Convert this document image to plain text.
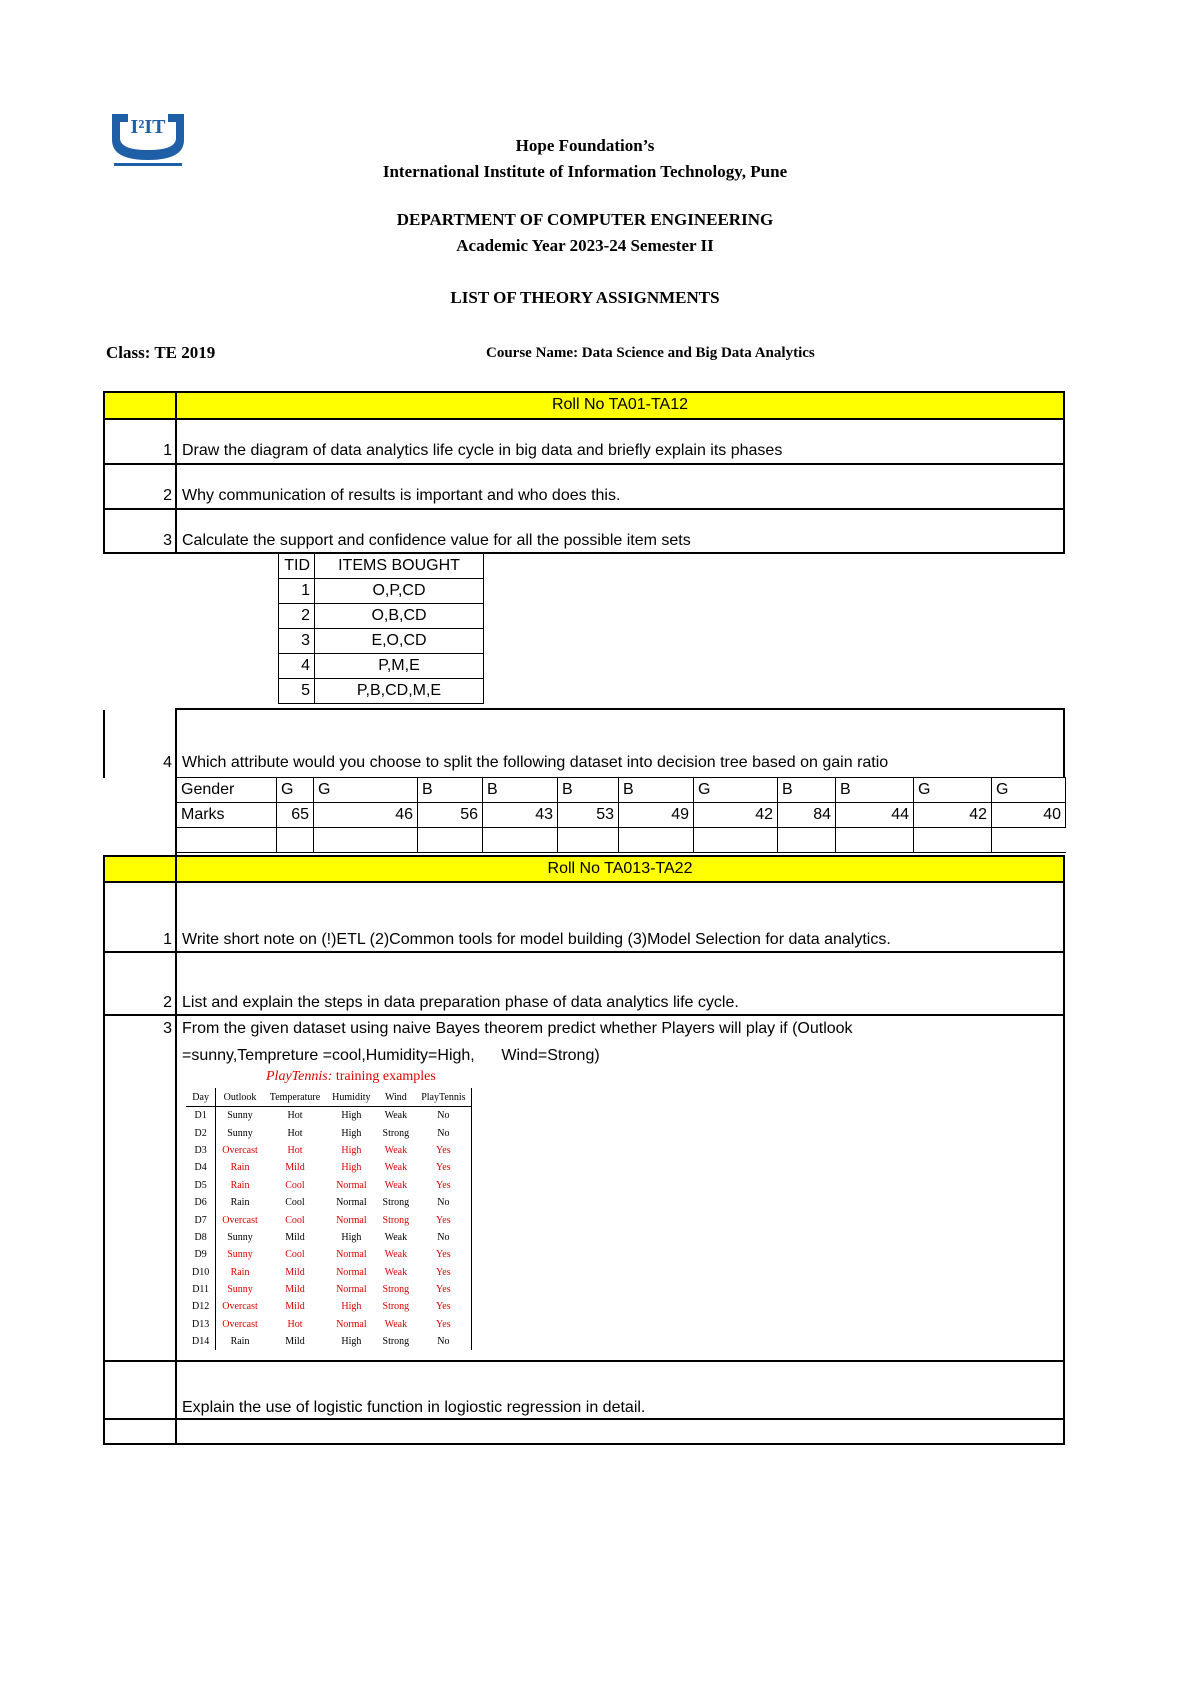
I²IT
Hope Foundation’s
International Institute of Information Technology, Pune
DEPARTMENT OF COMPUTER ENGINEERING
Academic Year 2023-24 Semester II
LIST OF THEORY ASSIGNMENTS
Class: TE 2019	Course Name: Data Science and Big Data Analytics
Roll No TA01-TA12
1 Draw the diagram of data analytics life cycle in big data and briefly explain its phases
2 Why communication of results is important and who does this.
3 Calculate the support and confidence value for all the possible item sets
TID	ITEMS BOUGHT
1	O,P,CD
2	O,B,CD
3	E,O,CD
4	P,M,E
5	P,B,CD,M,E
4 Which attribute would you choose to split the following dataset into decision tree based on gain ratio
Gender	G	G	B	B	B	B	G	B	B	G	G
Marks	65	46	56	43	53	49	42	84	44	42	40

Roll No TA013-TA22
1 Write short note on (!)ETL (2)Common tools for model building (3)Model Selection for data analytics.
2 List and explain the steps in data preparation phase of data analytics life cycle.
3 From the given dataset using naive Bayes theorem predict whether Players will play if (Outlook
=sunny,Tempreture =cool,Humidity=High,      Wind=Strong)
PlayTennis: training examples
Day	Outlook	Temperature	Humidity	Wind	PlayTennis
D1	Sunny	Hot	High	Weak	No
D2	Sunny	Hot	High	Strong	No
D3	Overcast	Hot	High	Weak	Yes
D4	Rain	Mild	High	Weak	Yes
D5	Rain	Cool	Normal	Weak	Yes
D6	Rain	Cool	Normal	Strong	No
D7	Overcast	Cool	Normal	Strong	Yes
D8	Sunny	Mild	High	Weak	No
D9	Sunny	Cool	Normal	Weak	Yes
D10	Rain	Mild	Normal	Weak	Yes
D11	Sunny	Mild	Normal	Strong	Yes
D12	Overcast	Mild	High	Strong	Yes
D13	Overcast	Hot	Normal	Weak	Yes
D14	Rain	Mild	High	Strong	No
Explain the use of logistic function in logiostic regression in detail.
